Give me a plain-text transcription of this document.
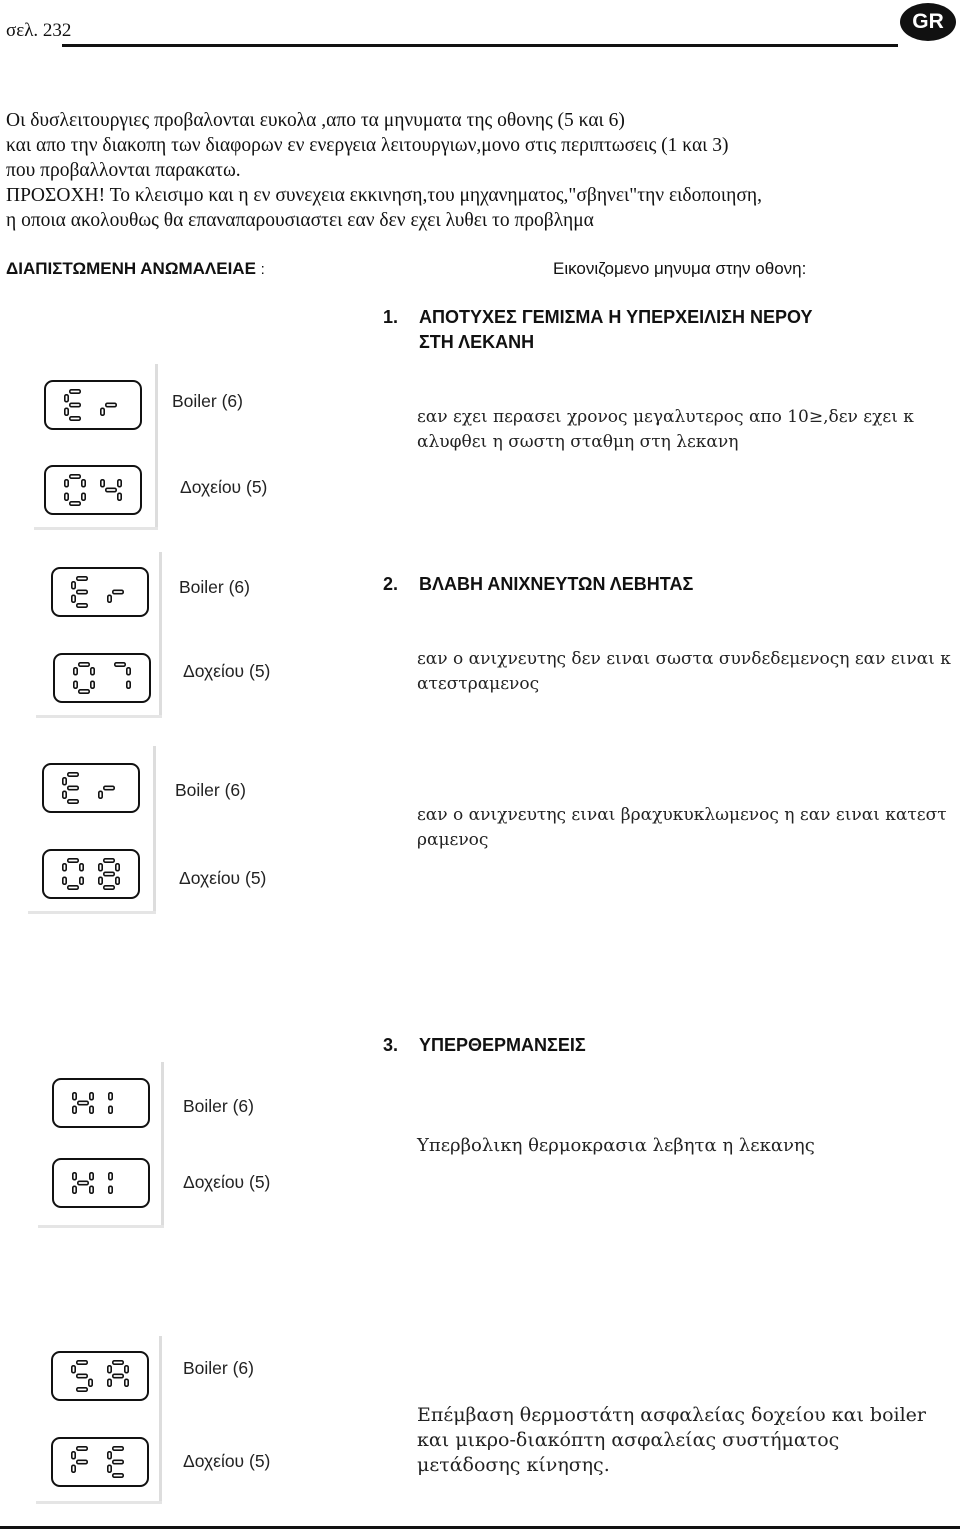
σελ. 232	GR

Οι δυσλειτουργιες προβαλονται ευκολα ,απο τα μηνυματα της οθονης (5 και 6)

και απο την διακοπη των διαφορων εν ενεργεια λειτουργιων,μονο στις περιπτωσεις (1 και 3)

που προβαλλονται παρακατω.

ΠΡΟΣΟΧΗ! Το κλεισιμο και η εν συνεχεια εκκινηση,του μηχανηματος,"σβηνει"την ειδοποιηση,

η οποια ακολουθως θα επαναπαρουσιαστει εαν δεν εχει λυθει το προβλημα

ΔΙΑΠΙΣΤΩΜΕΝΗ ΑΝΩΜΑΛΕΙΑΕ :	Εικονιζομενο μηνυμα στην οθονη:
1. ΑΠΟΤΥΧΕΣ ΓΕΜΙΣΜΑ Η ΥΠΕΡΧΕΙΛΙΣΗ ΝΕΡΟΥ
ΣΤΗ ΛΕΚΑΝΗ
Boiler (6)
Δοχείου (5)
εαν εχει περασει χρονος μεγαλυτερος απο 10≥,δεν εχει κ
αλυφθει η σωστη σταθμη στη λεκανη
2. ΒΛΑΒΗ ΑΝΙΧΝΕΥΤΩΝ ΛΕΒΗΤΑΣ
Boiler (6)
Δοχείου (5)
εαν ο ανιχνευτης δεν ειναι σωστα συνδεδεμενοςη εαν ειναι κ
ατεστραμενος
Boiler (6)
Δοχείου (5)
εαν ο ανιχνευτης ειναι βραχυκυκλωμενος η εαν ειναι κατεστ
ραμενος
3. ΥΠΕΡΘΕΡΜΑΝΣΕΙΣ
Boiler (6)
Δοχείου (5)
Υπερβολικη θερμοκρασια λεβητα η λεκανης
Boiler (6)
Δοχείου (5)
Επέμβαση θερμοστάτη ασφαλείας δοχείου και boiler
και μικρο-διακόπτη ασφαλείας συστήματος
μετάδοσης κίνησης.
